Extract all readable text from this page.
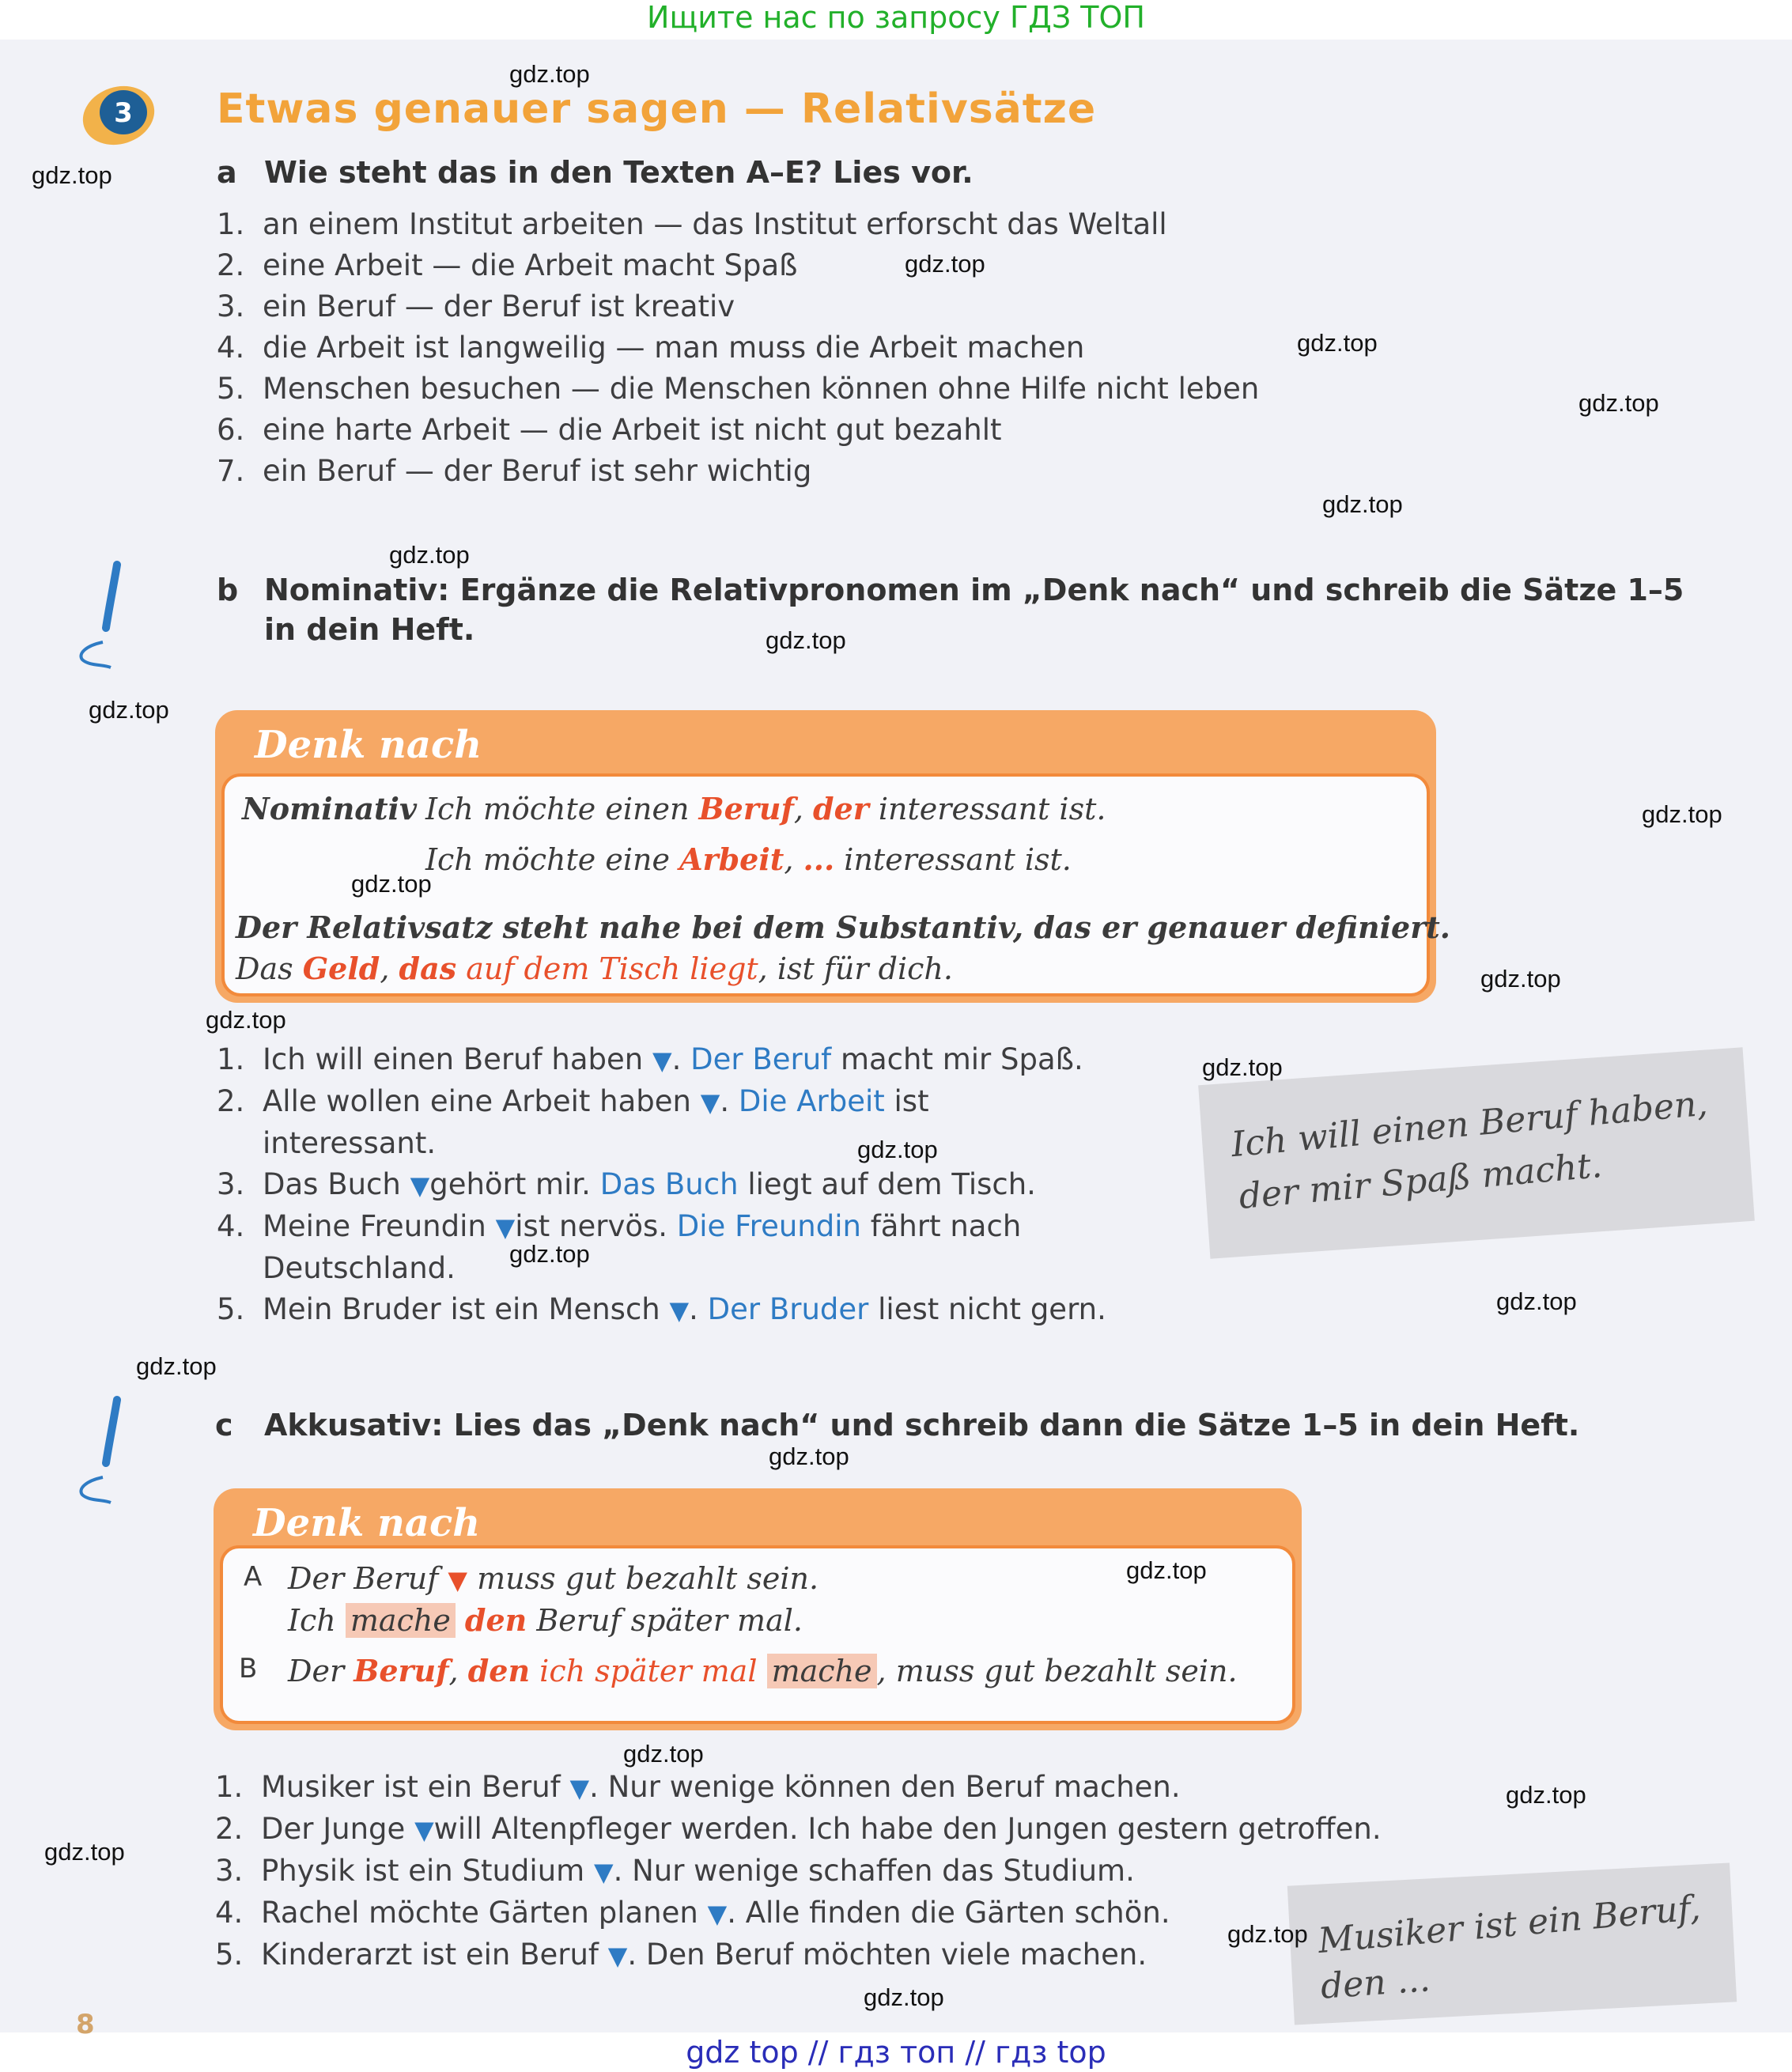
Ищите нас по запросу ГДЗ ТОП
gdz top // гдз топ // гдз top
3 Etwas genauer sagen — Relativsätze
a Wie steht das in den Texten A–E? Lies vor.
1. an einem Institut arbeiten — das Institut erforscht das Weltall
2. eine Arbeit — die Arbeit macht Spaß
3. ein Beruf — der Beruf ist kreativ
4. die Arbeit ist langweilig — man muss die Arbeit machen
5. Menschen besuchen — die Menschen können ohne Hilfe nicht leben
6. eine harte Arbeit — die Arbeit ist nicht gut bezahlt
7. ein Beruf — der Beruf ist sehr wichtig
b Nominativ: Ergänze die Relativpronomen im „Denk nach“ und schreib die Sätze 1–5
in dein Heft.
Denk nach
Nominativ Ich möchte einen Beruf, der interessant ist.
Ich möchte eine Arbeit, ... interessant ist.
Der Relativsatz steht nahe bei dem Substantiv, das er genauer definiert.
Das Geld, das auf dem Tisch liegt, ist für dich.
1. Ich will einen Beruf haben ▼. Der Beruf macht mir Spaß.
2. Alle wollen eine Arbeit haben ▼. Die Arbeit ist
interessant.
3. Das Buch ▼gehört mir. Das Buch liegt auf dem Tisch.
4. Meine Freundin ▼ist nervös. Die Freundin fährt nach
Deutschland.
5. Mein Bruder ist ein Mensch ▼. Der Bruder liest nicht gern.
Ich will einen Beruf haben,
der mir Spaß macht.
c Akkusativ: Lies das „Denk nach“ und schreib dann die Sätze 1–5 in dein Heft.
Denk nach
A Der Beruf ▼ muss gut bezahlt sein.
Ich mache den Beruf später mal.
B Der Beruf, den ich später mal mache , muss gut bezahlt sein.
1. Musiker ist ein Beruf ▼. Nur wenige können den Beruf machen.
2. Der Junge ▼will Altenpfleger werden. Ich habe den Jungen gestern getroffen.
3. Physik ist ein Studium ▼. Nur wenige schaffen das Studium.
4. Rachel möchte Gärten planen ▼. Alle finden die Gärten schön.
5. Kinderarzt ist ein Beruf ▼. Den Beruf möchten viele machen.	Musiker ist ein Beruf,
den ...
8
gdz.top
gdz.top
gdz.top
gdz.top
gdz.top
gdz.top
gdz.top
gdz.top
gdz.top
gdz.top
gdz.top
gdz.top
gdz.top
gdz.top
gdz.top
gdz.top
gdz.top
gdz.top
gdz.top
gdz.top
gdz.top
gdz.top
gdz.top
gdz.top
gdz.top
